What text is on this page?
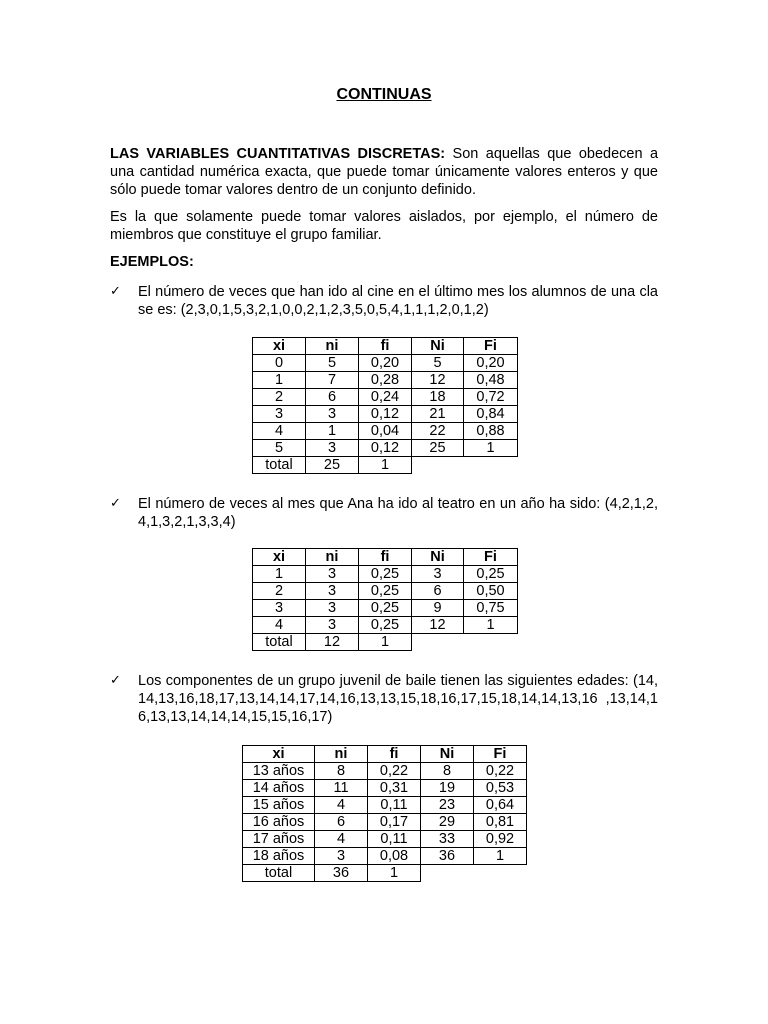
CONTINUAS

LAS VARIABLES CUANTITATIVAS DISCRETAS: Son aquellas que obedecen a una cantidad numérica exacta, que puede tomar únicamente valores enteros y que sólo puede tomar valores dentro de un conjunto definido.

Es la que solamente puede tomar valores aislados, por ejemplo, el número de miembros que constituye el grupo familiar.

EJEMPLOS:
✓	El número de veces que han ido al cine en el último mes los alumnos de una clase es: (2,3,0,1,5,3,2,1,0,0,2,1,2,3,5,0,5,4,1,1,1,2,0,1,2)
xi	ni	fi	Ni	Fi
0	5	0,20	5	0,20
1	7	0,28	12	0,48
2	6	0,24	18	0,72
3	3	0,12	21	0,84
4	1	0,04	22	0,88
5	3	0,12	25	1
total	25	1		
✓	El número de veces al mes que Ana ha ido al teatro en un año ha sido: (4,2,1,2,4,1,3,2,1,3,3,4)
xi	ni	fi	Ni	Fi
1	3	0,25	3	0,25
2	3	0,25	6	0,50
3	3	0,25	9	0,75
4	3	0,25	12	1
total	12	1		
✓	Los componentes de un grupo juvenil de baile tienen las siguientes edades: (14,14,13,16,18,17,13,14,14,17,14,16,13,13,15,18,16,17,15,18,14,14,13,16 ,13,14,16,13,13,14,14,14,15,15,16,17)
xi	ni	fi	Ni	Fi
13 años	8	0,22	8	0,22
14 años	11	0,31	19	0,53
15 años	4	0,11	23	0,64
16 años	6	0,17	29	0,81
17 años	4	0,11	33	0,92
18 años	3	0,08	36	1
total	36	1		
